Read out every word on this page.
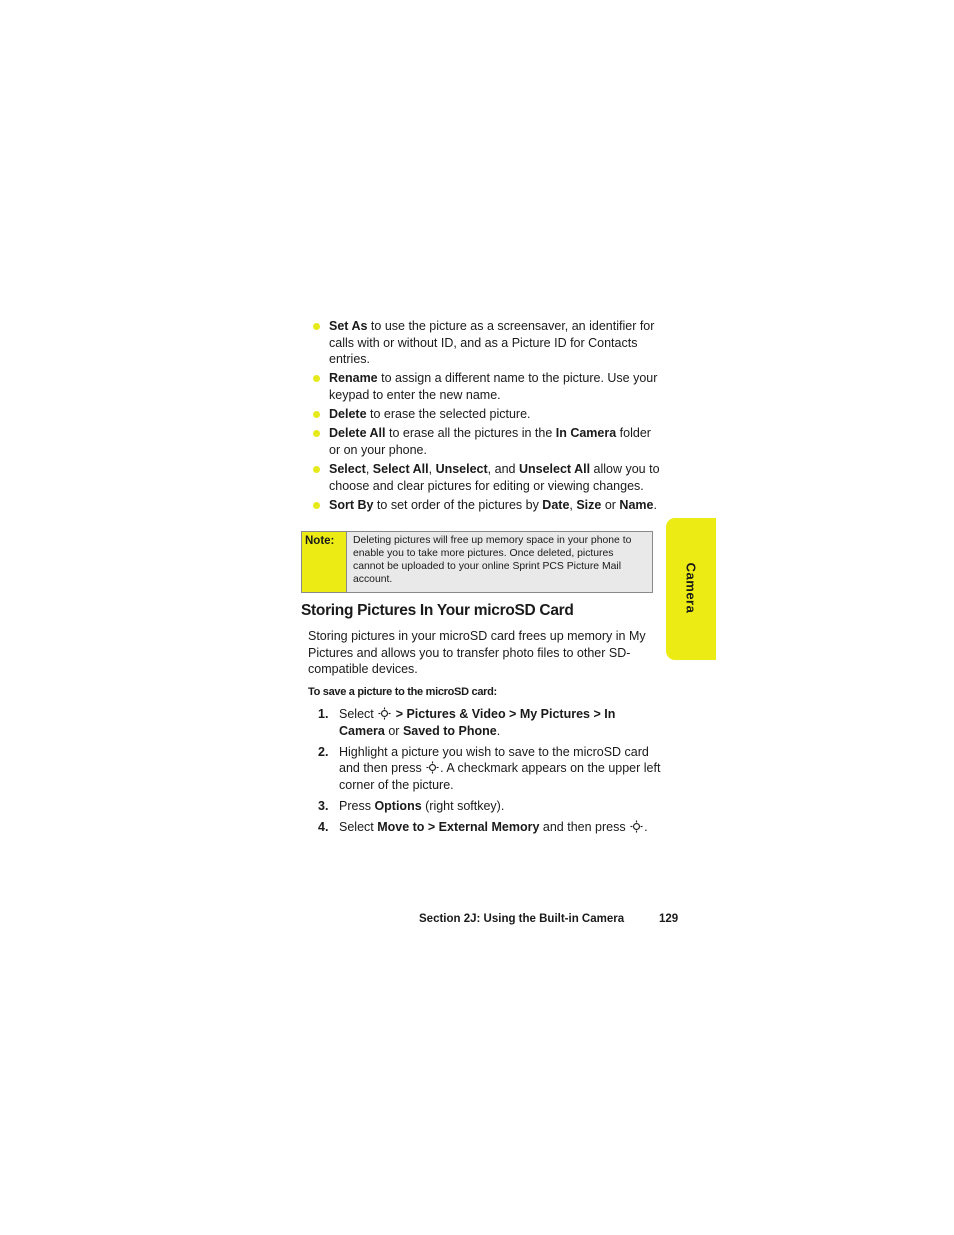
Set As to use the picture as a screensaver, an identifier for calls with or without ID, and as a Picture ID for Contacts entries.
Rename to assign a different name to the picture. Use your keypad to enter the new name.
Delete to erase the selected picture.
Delete All to erase all the pictures in the In Camera folder or on your phone.
Select, Select All, Unselect, and Unselect All allow you to choose and clear pictures for editing or viewing changes.
Sort By to set order of the pictures by Date, Size or Name.
Note:	Deleting pictures will free up memory space in your phone to enable you to take more pictures. Once deleted, pictures cannot be uploaded to your online Sprint PCS Picture Mail account.
Storing Pictures In Your microSD Card
Storing pictures in your microSD card frees up memory in My Pictures and allows you to transfer photo files to other SD-compatible devices.
To save a picture to the microSD card:
1. Select  > Pictures & Video > My Pictures > In Camera or Saved to Phone.
2. Highlight a picture you wish to save to the microSD card and then press . A checkmark appears on the upper left corner of the picture.
3. Press Options (right softkey).
4. Select Move to > External Memory and then press .
Camera
Section 2J: Using the Built-in Camera	129
